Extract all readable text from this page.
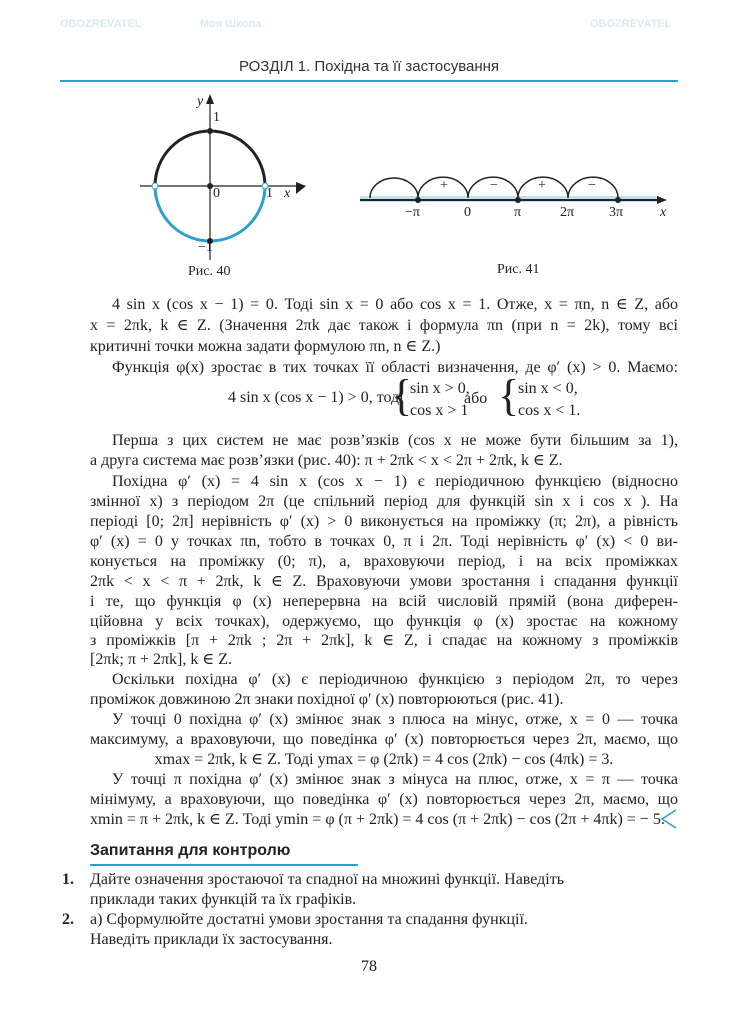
OBOZREVATEL	Моя Школа	OBOZREVATEL
РОЗДІЛ 1. Похідна та її застосування
y
1
0	1 x
−1
Рис. 40
−π	0	π	2π 3π	x
+	−	+	−
Рис. 41
4 sin x (cos x − 1) = 0. Тоді sin x = 0 або cos x = 1. Отже, x = πn, n ∈ Z, або
x = 2πk, k ∈ Z. (Значення 2πk дає також і формула πn (при n = 2k), тому всі
критичні точки можна задати формулою πn, n ∈ Z.)
Функція φ(x) зростає в тих точках її області визначення, де φ′ (x) > 0. Маємо:
4 sin x (cos x − 1) > 0, тоді
{
sin x > 0,
cos x > 1
або {
sin x < 0,
cos x < 1.
Перша з цих систем не має розв’язків (cos x не може бути більшим за 1),
а друга система має розв’язки (рис. 40): π + 2πk < x < 2π + 2πk, k ∈ Z.
Похідна φ′ (x) = 4 sin x (cos x − 1) є періодичною функцією (відносно
змінної x) з періодом 2π (це спільний період для функцій sin x і cos x ). На
періоді [0; 2π] нерівність φ′ (x) > 0 виконується на проміжку (π; 2π), а рівність
φ′ (x) = 0 у точках πn, тобто в точках 0, π і 2π. Тоді нерівність φ′ (x) < 0 ви-
конується на проміжку (0; π), а, враховуючи період, і на всіх проміжках
2πk < x < π + 2πk, k ∈ Z. Враховуючи умови зростання і спадання функції
і те, що функція φ (x) неперервна на всій числовій прямій (вона диферен-
ційовна у всіх точках), одержуємо, що функція φ (x) зростає на кожному
з проміжків [π + 2πk ; 2π + 2πk], k ∈ Z, і спадає на кожному з проміжків
[2πk; π + 2πk], k ∈ Z.
Оскільки похідна φ′ (x) є періодичною функцією з періодом 2π, то через
проміжок довжиною 2π знаки похідної φ′ (x) повторюються (рис. 41).
У точці 0 похідна φ′ (x) змінює знак з плюса на мінус, отже, x = 0 — точка
максимуму, а враховуючи, що поведінка φ′ (x) повторюється через 2π, маємо, що
xmax = 2πk, k ∈ Z. Тоді ymax = φ (2πk) = 4 cos (2πk) − cos (4πk) = 3.
У точці π похідна φ′ (x) змінює знак з мінуса на плюс, отже, x = π — точка
мінімуму, а враховуючи, що поведінка φ′ (x) повторюється через 2π, маємо, що
xmin = π + 2πk, k ∈ Z. Тоді ymin = φ (π + 2πk) = 4 cos (π + 2πk) − cos (2π + 4πk) = − 5.
Запитання для контролю
1. Дайте означення зростаючої та спадної на множині функції. Наведіть
приклади таких функцій та їх графіків.
2. а) Сформулюйте достатні умови зростання та спадання функції.
Наведіть приклади їх застосування.
78
